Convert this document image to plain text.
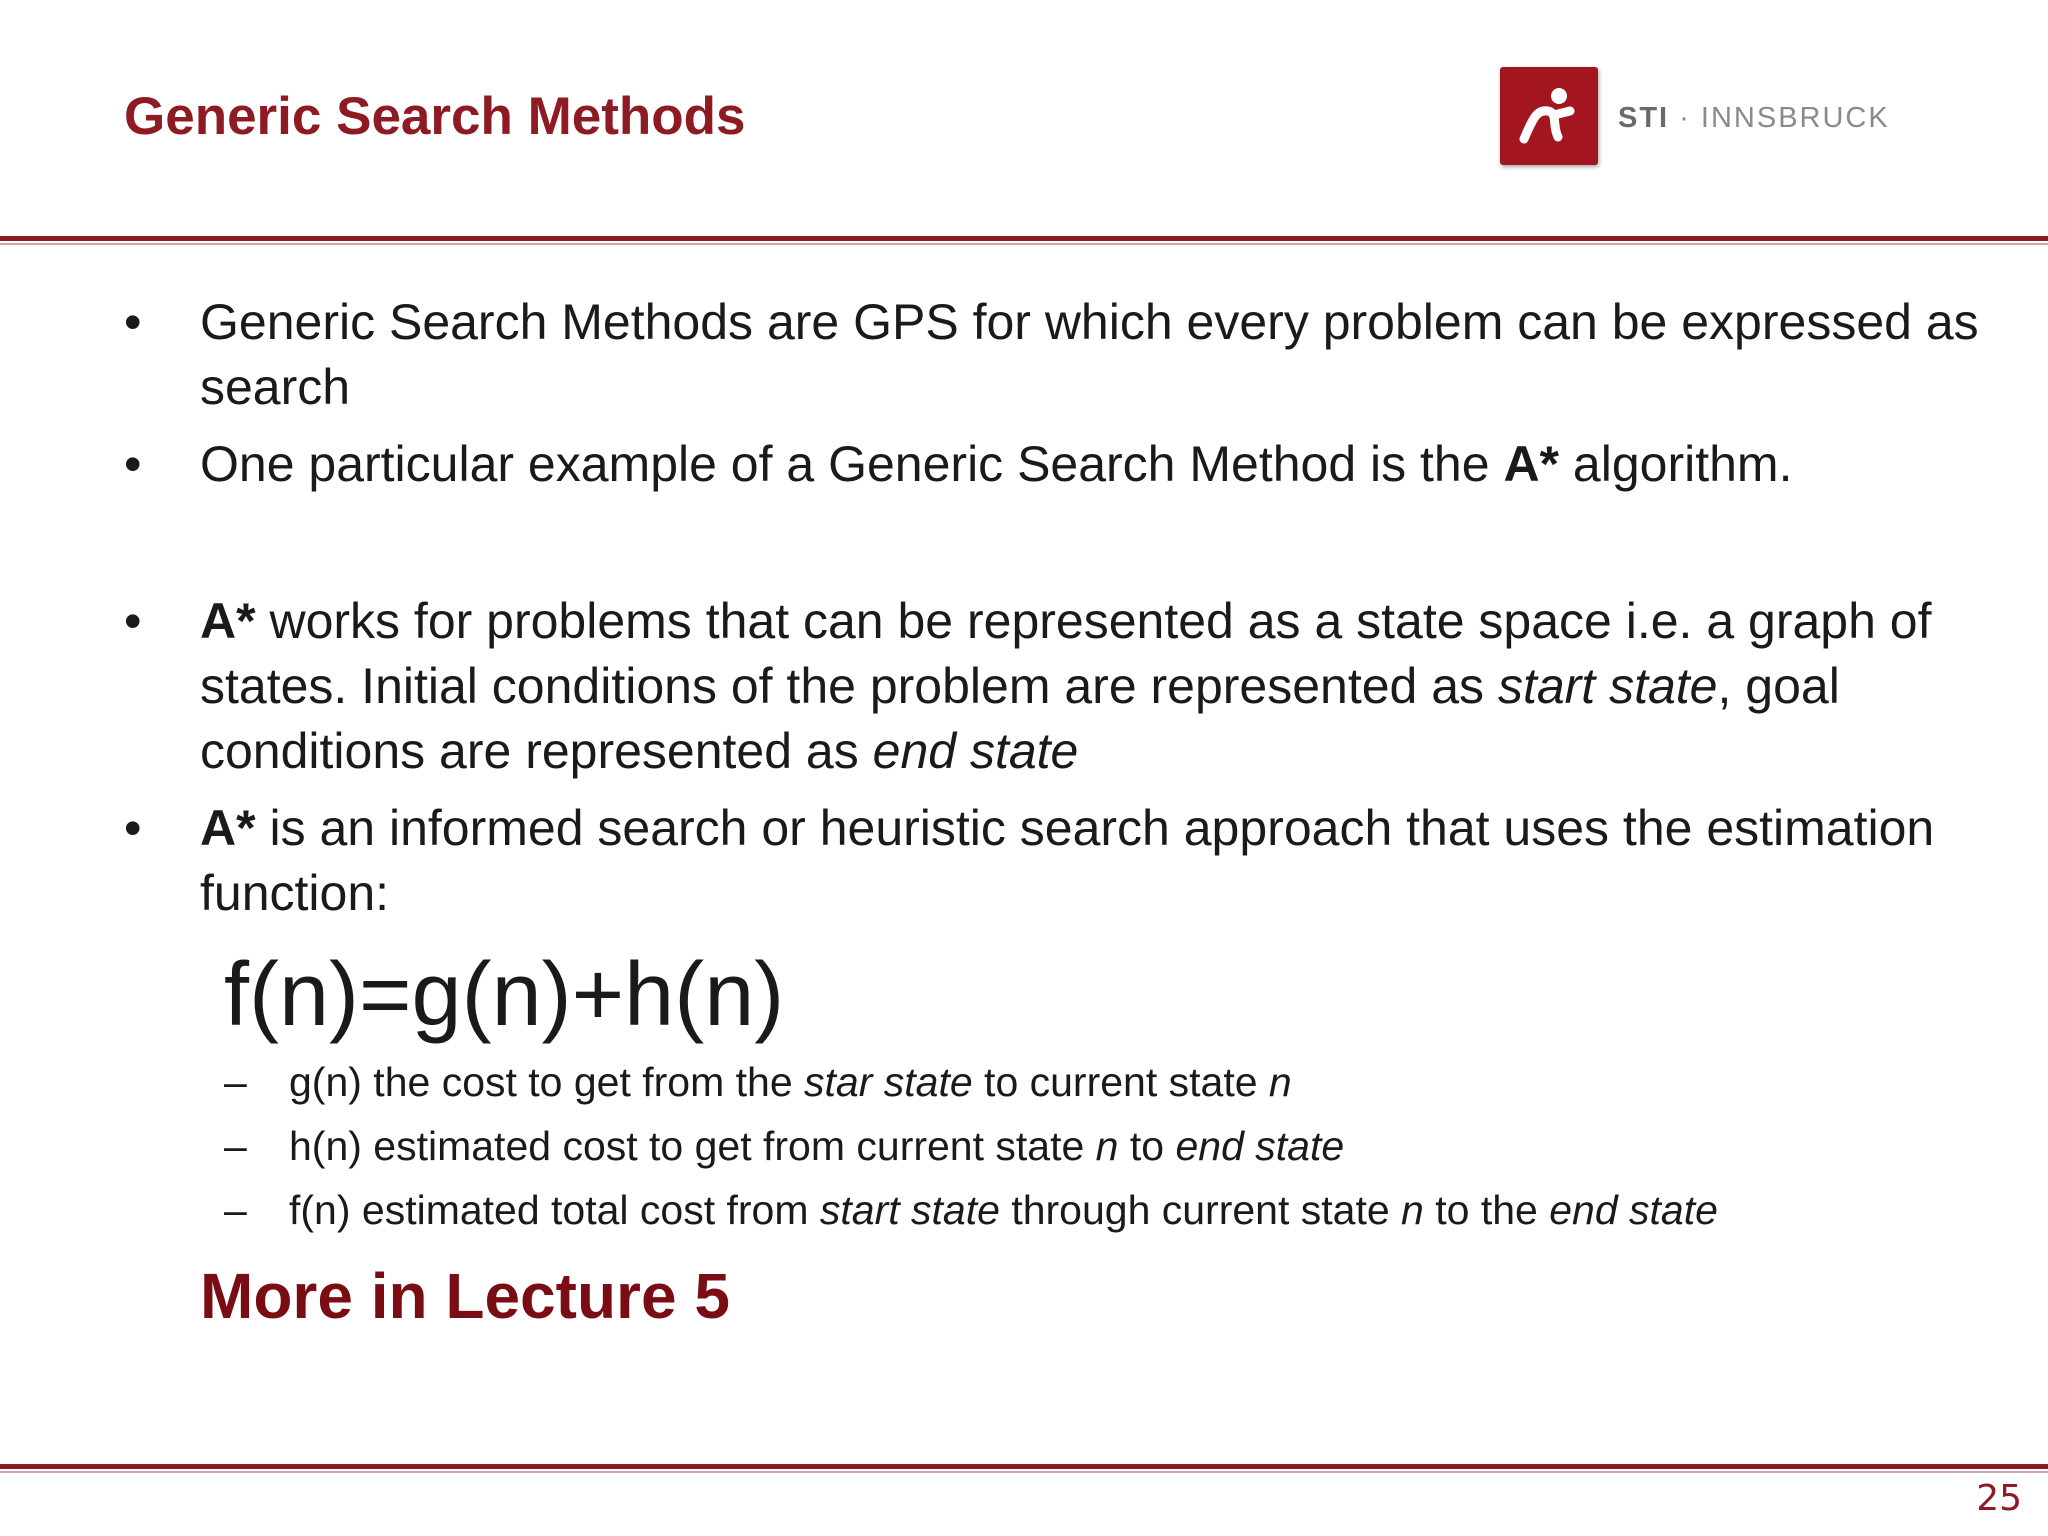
Generic Search Methods	STI · INNSBRUCK
• Generic Search Methods are GPS for which every problem can be expressed as search
• One particular example of a Generic Search Method is the A* algorithm.
• A* works for problems that can be represented as a state space i.e. a graph of states. Initial conditions of the problem are represented as start state, goal conditions are represented as end state
• A* is an informed search or heuristic search approach that uses the estimation function:
f(n)=g(n)+h(n)
– g(n) the cost to get from the star state to current state n
– h(n) estimated cost to get from current state n to end state
– f(n) estimated total cost from start state through current state n to the end state
More in Lecture 5
25
